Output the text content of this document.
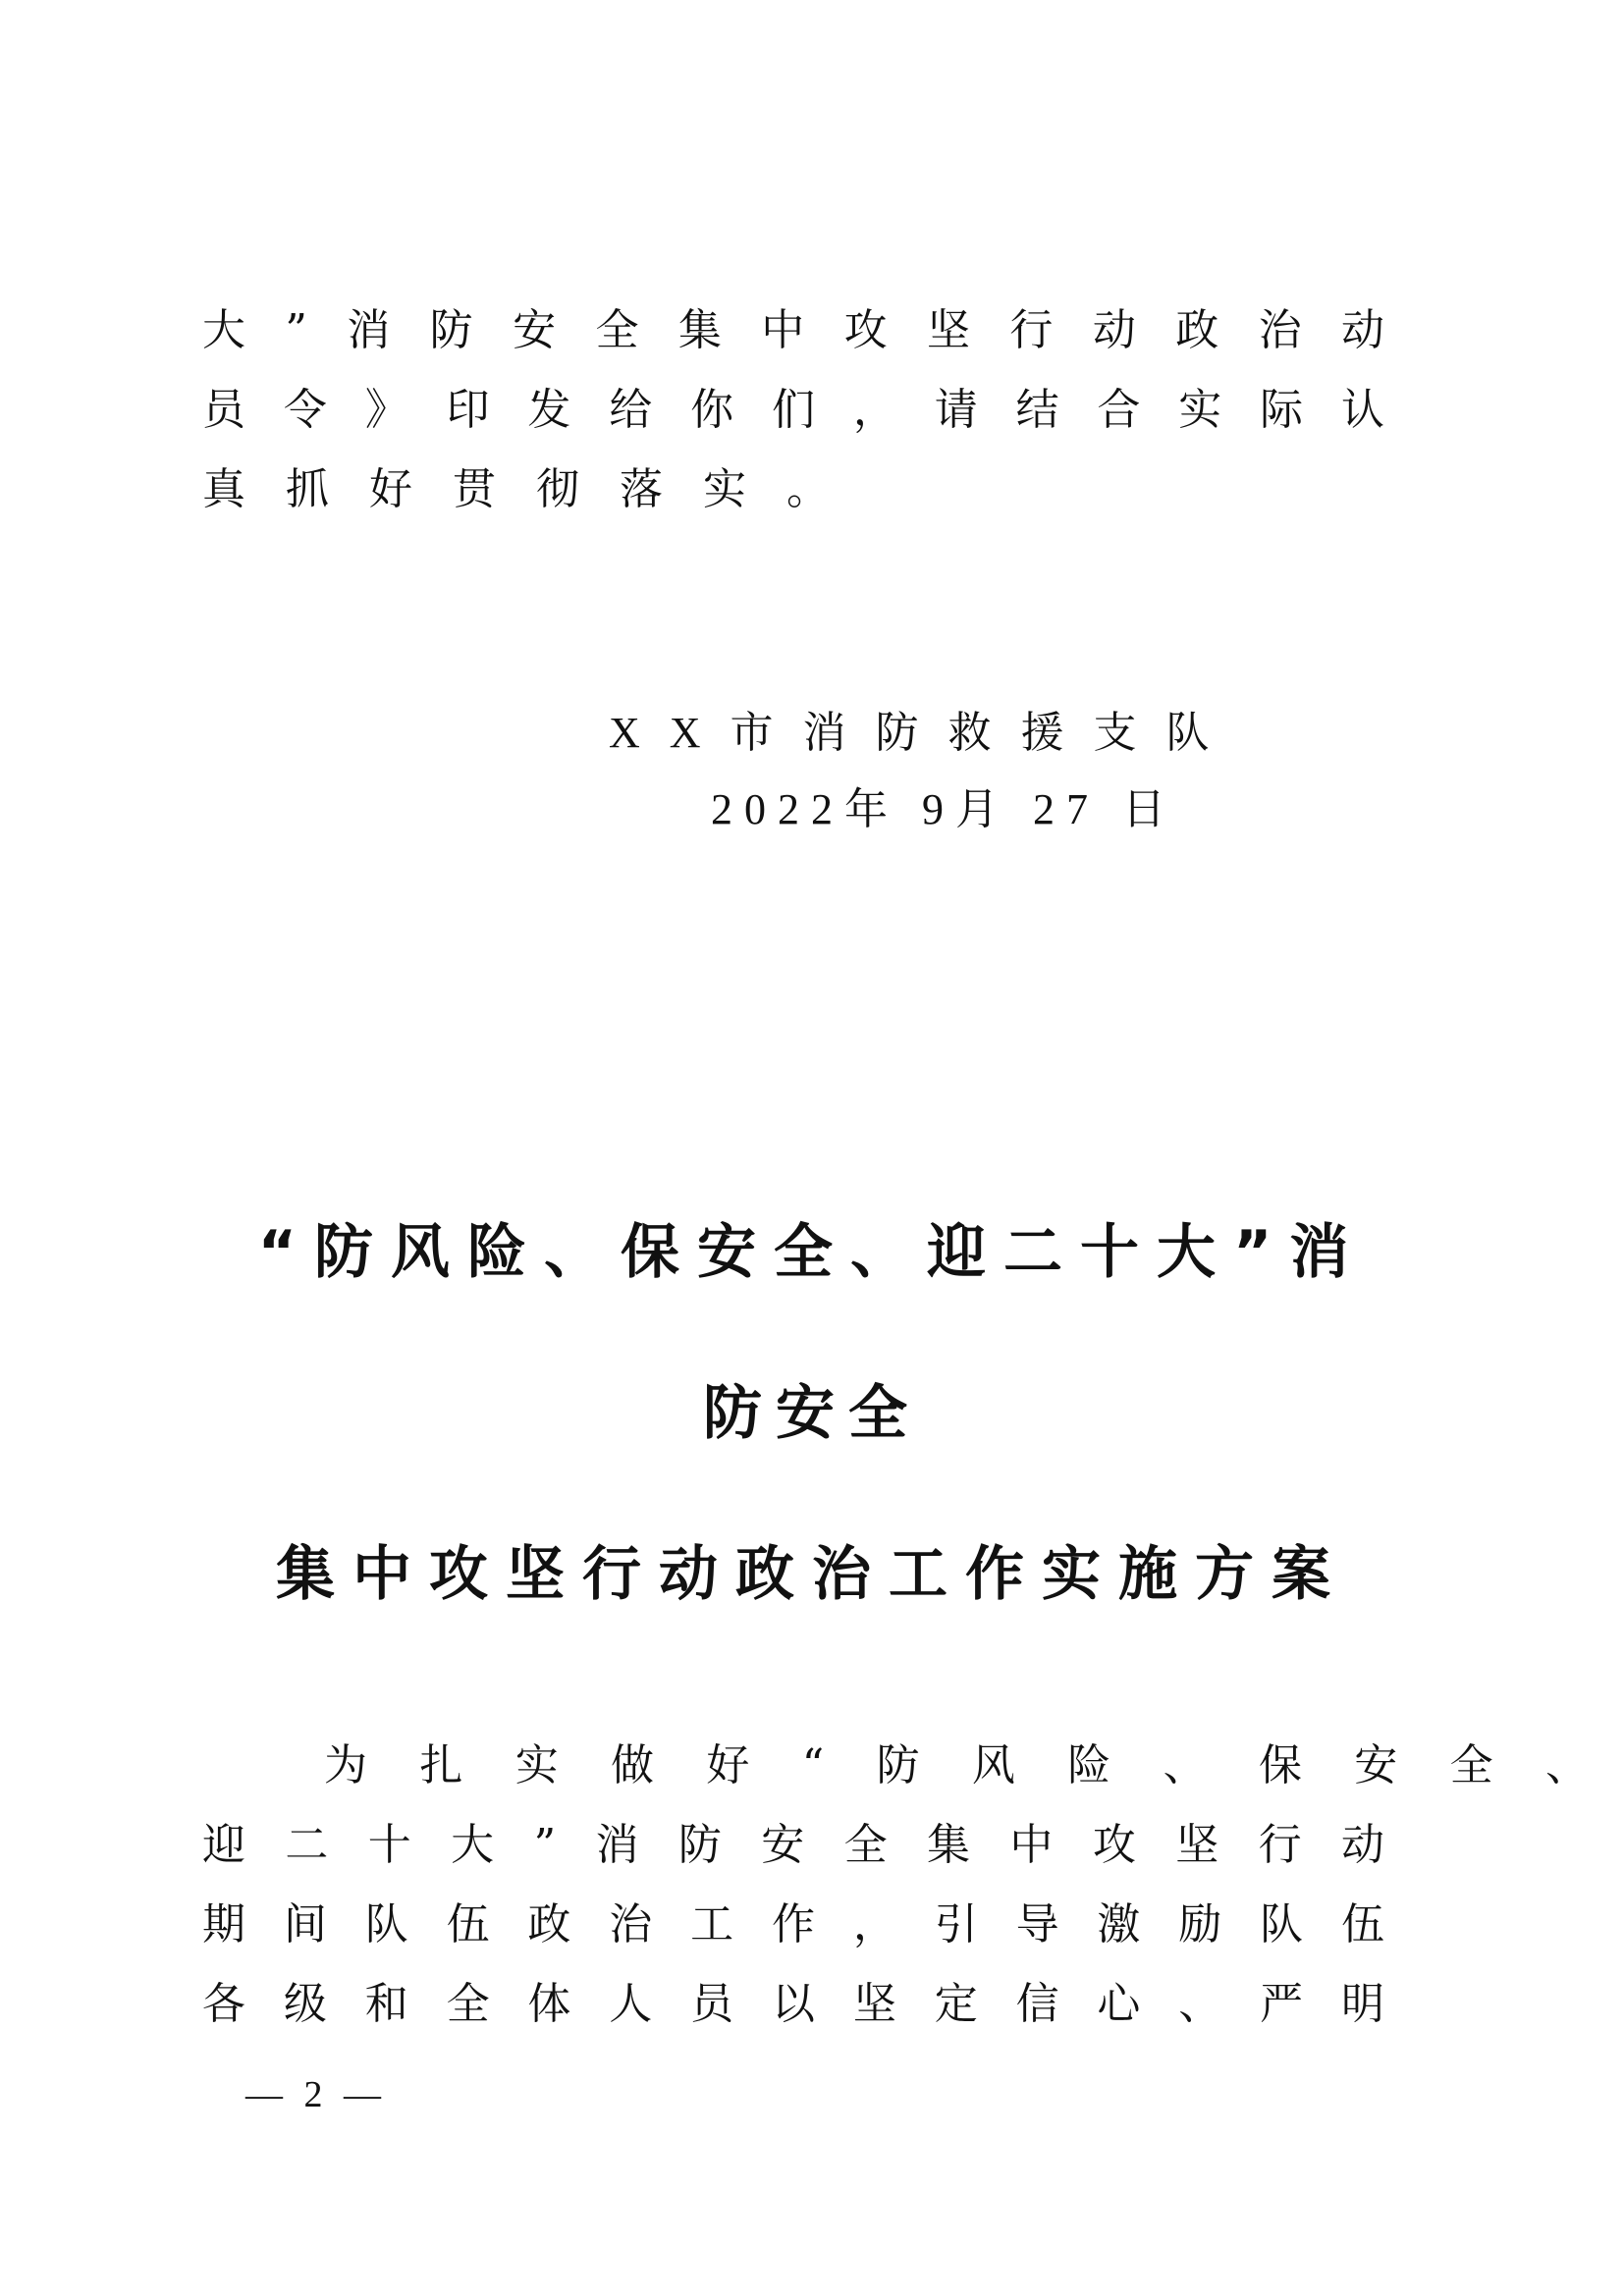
大”消防安全集中攻坚行动政治动
员令》印发给你们，请结合实际认
真抓好贯彻落实。
XX市消防救援支队
2022年 9月 27 日
“防风险、保安全、迎二十大”消
防安全
集中攻坚行动政治工作实施方案
为扎实做好“防风险、保安全、
迎二十大”消防安全集中攻坚行动
期间队伍政治工作，引导激励队伍
各级和全体人员以坚定信心、严明
— 2 —
